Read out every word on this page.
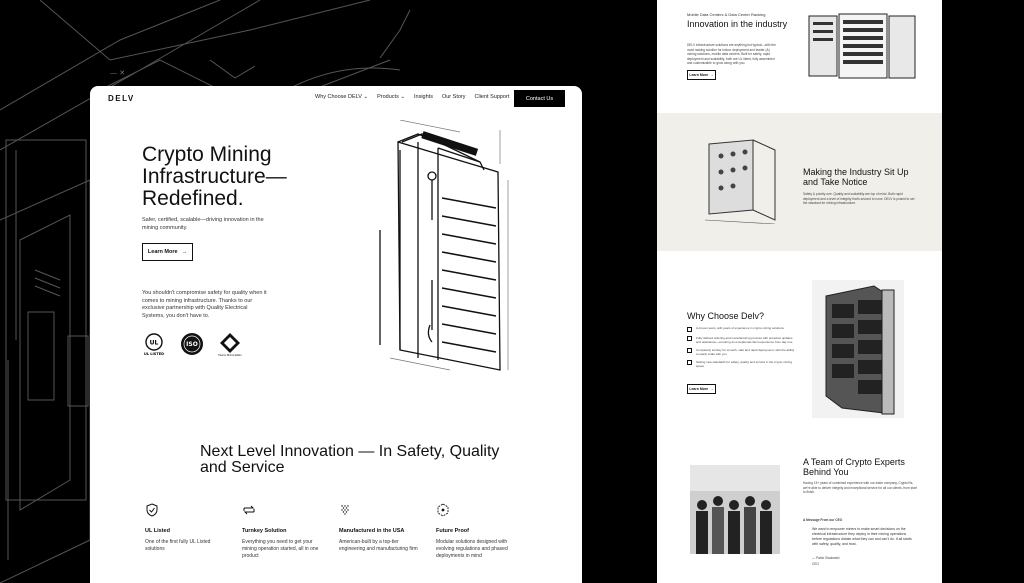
— ✕
DELV	Why Choose DELV ⌄ Products ⌄ Insights Our Story Client Support	Contact Us
Crypto Mining Infrastructure—Redefined.
Safer, certified, scalable—driving innovation in the mining community.
Learn More →
You shouldn't compromise safety for quality when it comes to mining infrastructure. Thanks to our exclusive partnership with Quality Electrical Systems, you don't have to.
UL
UL LISTED
ISO
Energy Mining Safety
Next Level Innovation — In Safety, Quality and Service
UL Listed
One of the first fully UL Listed solutions
Turnkey Solution
Everything you need to get your mining operation started, all in one product
Manufactured in the USA
American-built by a top-tier engineering and manufacturing firm
Future Proof
Modular solutions designed with evolving regulations and phased deployments in mind
Mobile Data Centers & Data Center Racking
Innovation in the industry
DELV infrastructure solutions are anything but typical—with the most racking solution for indoor deployment and leader (A) mining solutions, mobile data centers. Built for safety, rapid deployment and scalability, both are UL listed, fully assembled and customizable to grow along with you.
Learn More →
Making the Industry Sit Up and Take Notice
Safety & priority one. Quality and scalability are top of mind. Both rapid deployment and a level of integrity that's second to none. DELV is poised to set the standard for mining infrastructure.
Why Choose Delv?
A proven team, with years of experience in crypto mining solutions
Fully defined ordering and manufacturing process with proactive updates and assistance—ensuring an exceptional client experience from day one
Completely turnkey for smooth, safe and rapid deployment, with the ability to easily scale with you
Setting new standards for safety, quality and service in the crypto mining space
Learn More →
A Team of Crypto Experts Behind You
Having 15+ years of combined experience with our sister company, CryptoVis, we're able to deliver integrity and exceptional service for all our clients, from start to finish.
A Message From our CEO
We want to empower miners to make smart decisions on the electrical infrastructure they deploy in their mining operations before regulations dictate what they can and can't do. It all starts with safety, quality, and trust.
— Patric Siadowski
CEO
